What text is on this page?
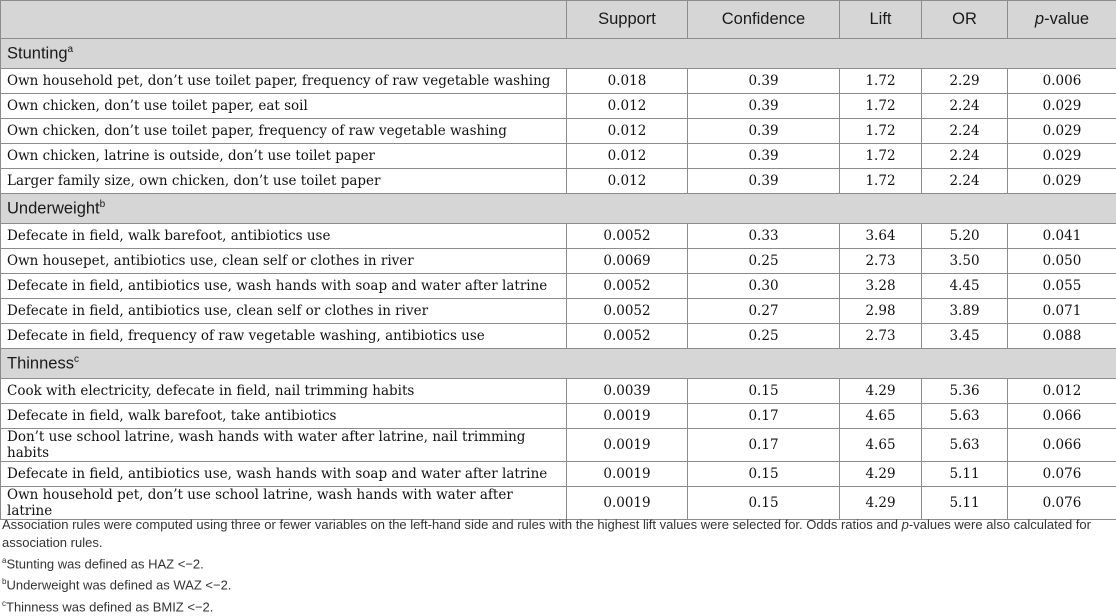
	Support	Confidence	Lift	OR	p-value
Stunting$^a$
Own household pet, don’t use toilet paper, frequency of raw vegetable washing	0.018	0.39	1.72	2.29	0.006
Own chicken, don’t use toilet paper, eat soil	0.012	0.39	1.72	2.24	0.029
Own chicken, don’t use toilet paper, frequency of raw vegetable washing	0.012	0.39	1.72	2.24	0.029
Own chicken, latrine is outside, don’t use toilet paper	0.012	0.39	1.72	2.24	0.029
Larger family size, own chicken, don’t use toilet paper	0.012	0.39	1.72	2.24	0.029
Underweight$^b$
Defecate in field, walk barefoot, antibiotics use	0.0052	0.33	3.64	5.20	0.041
Own housepet, antibiotics use, clean self or clothes in river	0.0069	0.25	2.73	3.50	0.050
Defecate in field, antibiotics use, wash hands with soap and water after latrine	0.0052	0.30	3.28	4.45	0.055
Defecate in field, antibiotics use, clean self or clothes in river	0.0052	0.27	2.98	3.89	0.071
Defecate in field, frequency of raw vegetable washing, antibiotics use	0.0052	0.25	2.73	3.45	0.088
Thinness$^c$
Cook with electricity, defecate in field, nail trimming habits	0.0039	0.15	4.29	5.36	0.012
Defecate in field, walk barefoot, take antibiotics	0.0019	0.17	4.65	5.63	0.066
Don’t use school latrine, wash hands with water after latrine, nail trimming habits	0.0019	0.17	4.65	5.63	0.066
Defecate in field, antibiotics use, wash hands with soap and water after latrine	0.0019	0.15	4.29	5.11	0.076
Own household pet, don’t use school latrine, wash hands with water after latrine	0.0019	0.15	4.29	5.11	0.076

Association rules were computed using three or fewer variables on the left-hand side and rules with the highest lift values were selected for. Odds ratios and p-values were also calculated for association rules.

$^a$Stunting was defined as HAZ <−2.

$^b$Underweight was defined as WAZ <−2.

$^c$Thinness was defined as BMIZ <−2.
